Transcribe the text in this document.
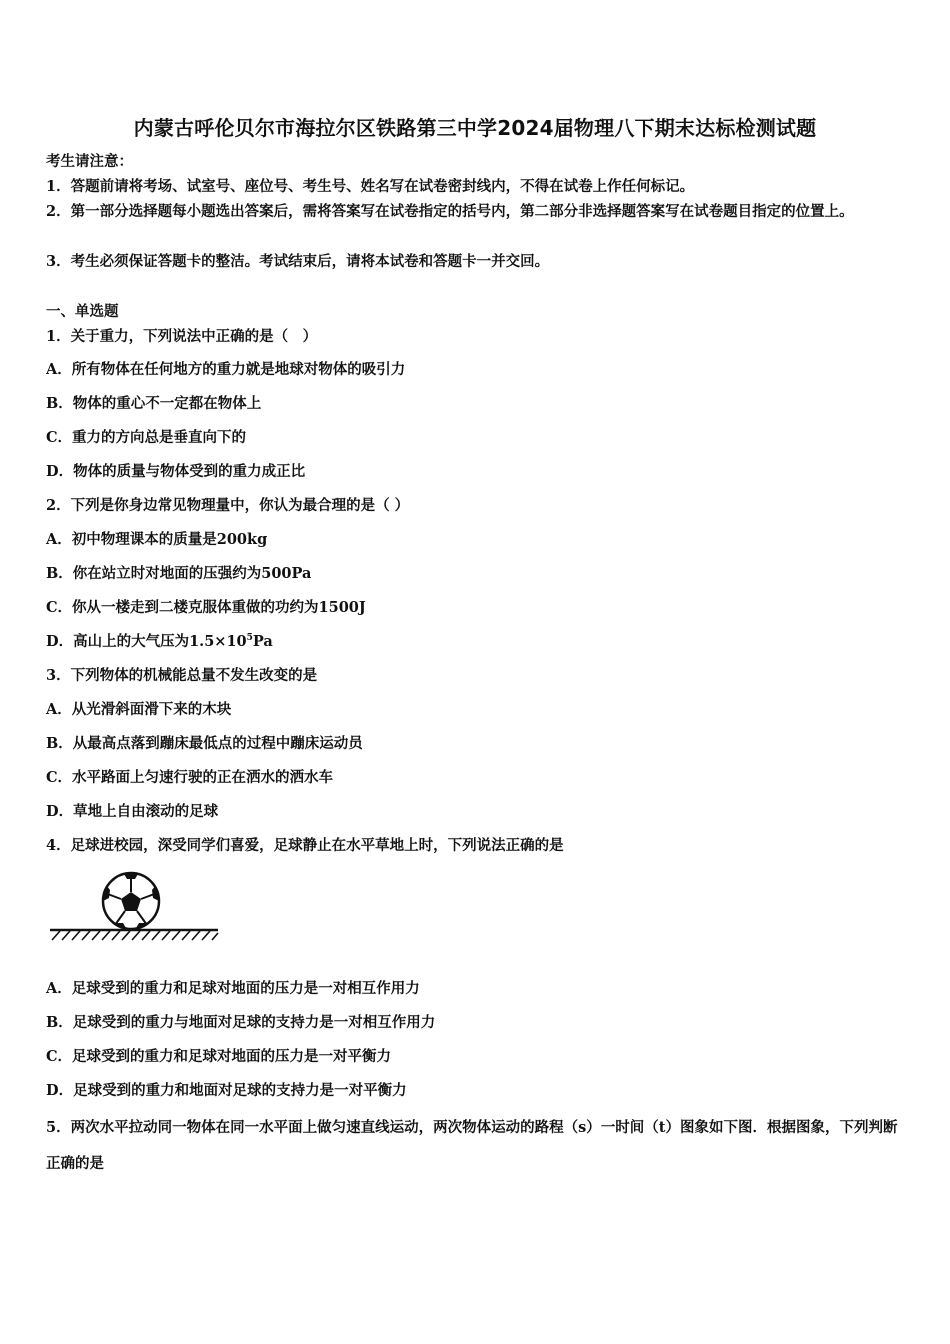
内蒙古呼伦贝尔市海拉尔区铁路第三中学2024届物理八下期末达标检测试题
考生请注意：
1．答题前请将考场、试室号、座位号、考生号、姓名写在试卷密封线内，不得在试卷上作任何标记。
2．第一部分选择题每小题选出答案后，需将答案写在试卷指定的括号内，第二部分非选择题答案写在试卷题目指定的位置上。
3．考生必须保证答题卡的整洁。考试结束后，请将本试卷和答题卡一并交回。
一、单选题
1．关于重力，下列说法中正确的是（　）
A．所有物体在任何地方的重力就是地球对物体的吸引力
B．物体的重心不一定都在物体上
C．重力的方向总是垂直向下的
D．物体的质量与物体受到的重力成正比
2．下列是你身边常见物理量中，你认为最合理的是（ ）
A．初中物理课本的质量是200kg
B．你在站立时对地面的压强约为500Pa
C．你从一楼走到二楼克服体重做的功约为1500J
D．高山上的大气压为$1.5\times 10^5Pa$
3．下列物体的机械能总量不发生改变的是
A．从光滑斜面滑下来的木块
B．从最高点落到蹦床最低点的过程中蹦床运动员
C．水平路面上匀速行驶的正在洒水的洒水车
D．草地上自由滚动的足球
4．足球进校园，深受同学们喜爱，足球静止在水平草地上时，下列说法正确的是
A．足球受到的重力和足球对地面的压力是一对相互作用力
B．足球受到的重力与地面对足球的支持力是一对相互作用力
C．足球受到的重力和足球对地面的压力是一对平衡力
D．足球受到的重力和地面对足球的支持力是一对平衡力
5．两次水平拉动同一物体在同一水平面上做匀速直线运动，两次物体运动的路程（s）一时间（t）图象如下图．根据图象，下列判断正确的是
